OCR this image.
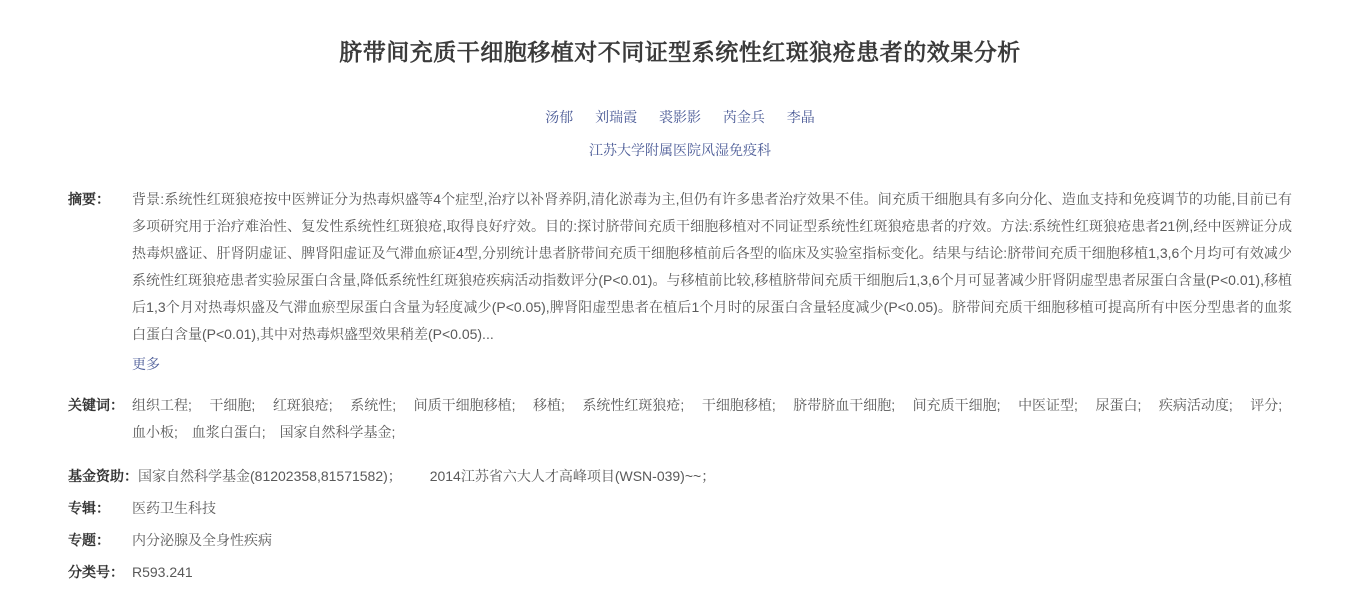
脐带间充质干细胞移植对不同证型系统性红斑狼疮患者的效果分析
汤郁 刘瑞霞 裘影影 芮金兵 李晶
江苏大学附属医院风湿免疫科
摘要：	背景:系统性红斑狼疮按中医辨证分为热毒炽盛等4个症型,治疗以补肾养阴,清化淤毒为主,但仍有许多患者治疗效果不佳。间充质干细胞具有多向分化、造血支持和免疫调节的功能,目前已有多项研究用于治疗难治性、复发性系统性红斑狼疮,取得良好疗效。目的:探讨脐带间充质干细胞移植对不同证型系统性红斑狼疮患者的疗效。方法:系统性红斑狼疮患者21例,经中医辨证分成热毒炽盛证、肝肾阴虚证、脾肾阳虚证及气滞血瘀证4型,分别统计患者脐带间充质干细胞移植前后各型的临床及实验室指标变化。结果与结论:脐带间充质干细胞移植1,3,6个月均可有效减少系统性红斑狼疮患者实验尿蛋白含量,降低系统性红斑狼疮疾病活动指数评分(P<0.01)。与移植前比较,移植脐带间充质干细胞后1,3,6个月可显著减少肝肾阴虚型患者尿蛋白含量(P<0.01),移植后1,3个月对热毒炽盛及气滞血瘀型尿蛋白含量为轻度减少(P<0.05),脾肾阳虚型患者在植后1个月时的尿蛋白含量轻度减少(P<0.05)。脐带间充质干细胞移植可提高所有中医分型患者的血浆白蛋白含量(P<0.01),其中对热毒炽盛型效果稍差(P<0.05)...
更多
关键词： 组织工程; 干细胞; 红斑狼疮; 系统性; 间质干细胞移植; 移植; 系统性红斑狼疮; 干细胞移植; 脐带脐血干细胞; 间充质干细胞; 中医证型; 尿蛋白; 疾病活动度; 评分; 血小板; 血浆白蛋白; 国家自然科学基金;
基金资助： 国家自然科学基金(81202358,81571582)； 2014江苏省六大人才高峰项目(WSN-039)~~；
专辑：	医药卫生科技
专题：	内分泌腺及全身性疾病
分类号： R593.241
